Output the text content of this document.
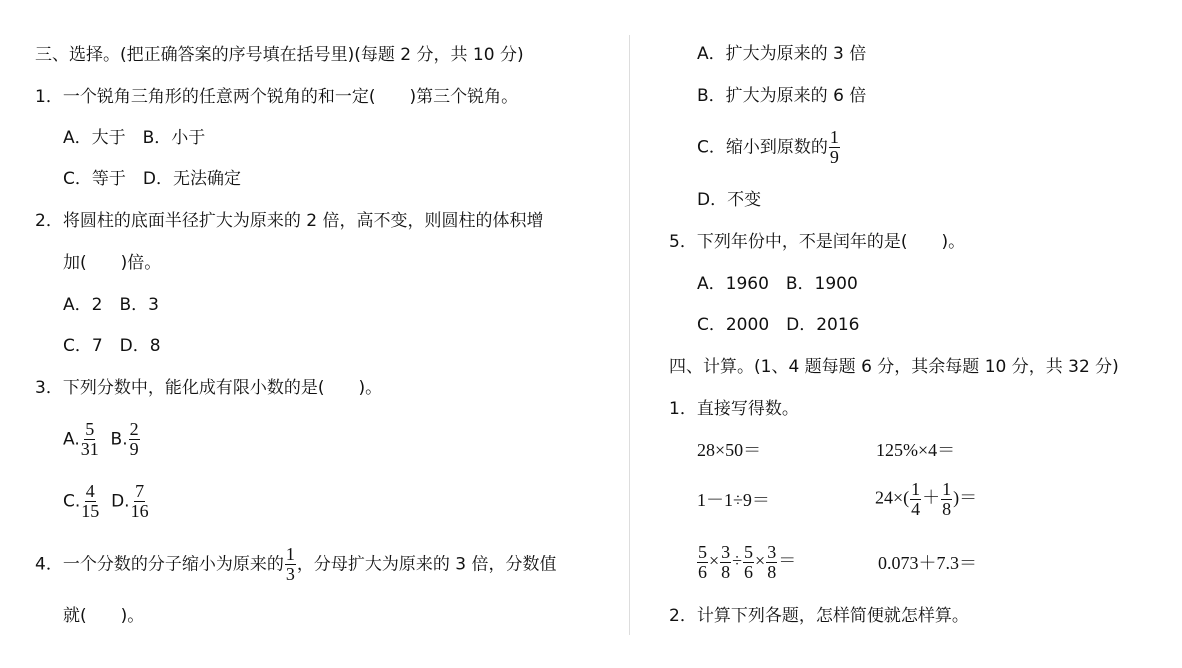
三、选择。(把正确答案的序号填在括号里)(每题 2 分，共 10 分)
1．一个锐角三角形的任意两个锐角的和一定(　　)第三个锐角。
A．大于　B．小于
C．等于　D．无法确定
2．将圆柱的底面半径扩大为原来的 2 倍，高不变，则圆柱的体积增
加(　　)倍。
A．2　B．3
C．7　D．8
3．下列分数中，能化成有限小数的是(　　)。
A. $\frac{5}{31} B$. $\frac{2}{9}$
C. $\frac{4}{15} D$. $\frac{7}{16}$
4．一个分数的分子缩小为原来的 $\frac{1}{3}$ ，分母扩大为原来的 3 倍，分数值
就(　　)。
A．扩大为原来的 3 倍
B．扩大为原来的 6 倍
C．缩小到原数的 $\frac{1}{9}$
D．不变
5．下列年份中，不是闰年的是(　　)。
A．1960　B．1900
C．2000　D．2016
四、计算。(1、4 题每题 6 分，其余每题 10 分，共 32 分)
1．直接写得数。
28×50＝	125%×4＝
1－1÷9＝	$24\times( \frac{1}{4} + \frac{1}{8}$ )＝
$\frac{5}{6} \times \frac{3}{8} \div \frac{5}{6} \times \frac{3}{8}$ ＝	0.073＋7.3＝
2．计算下列各题，怎样简便就怎样算。
